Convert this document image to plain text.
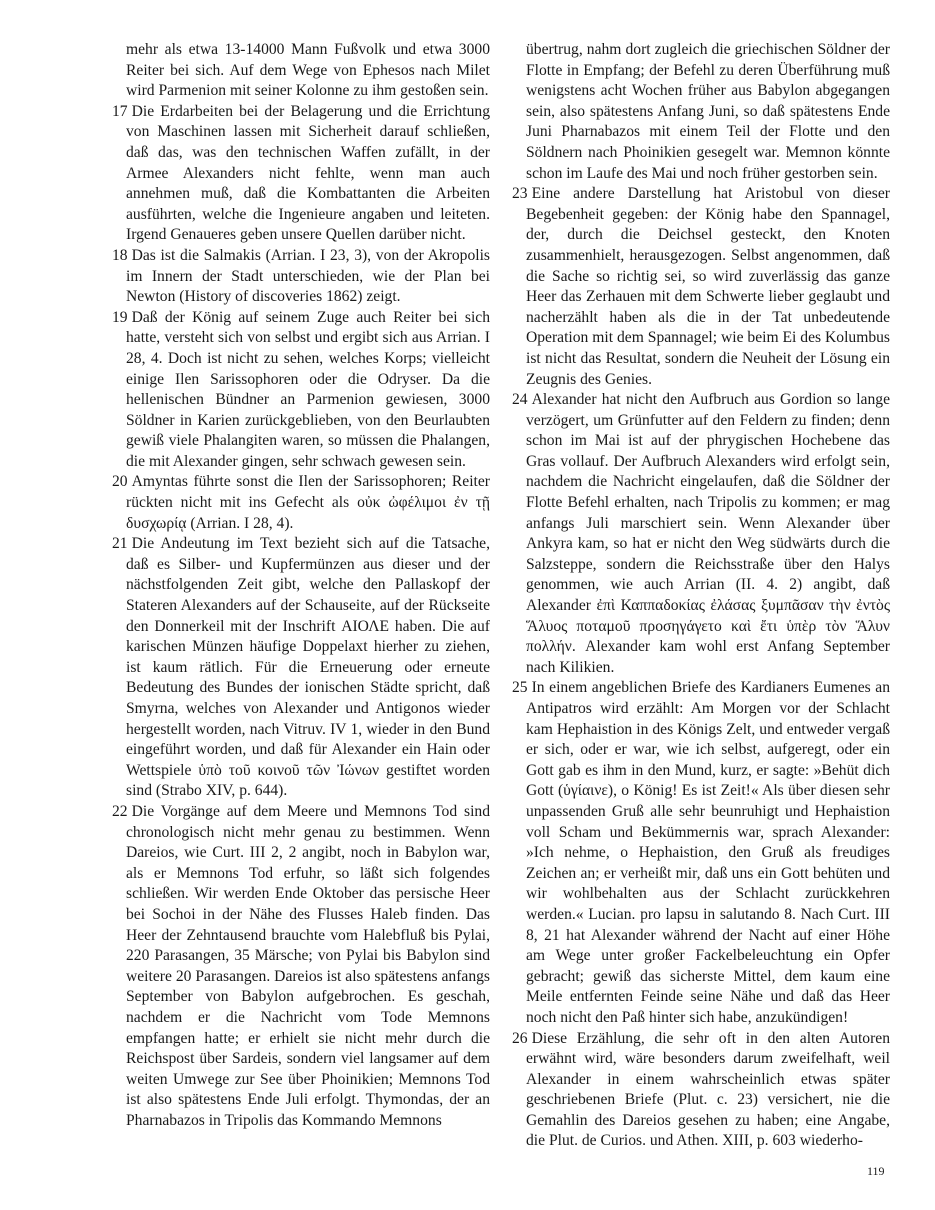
mehr als etwa 13-14000 Mann Fußvolk und etwa 3000 Reiter bei sich. Auf dem Wege von Ephesos nach Milet wird Parmenion mit seiner Kolonne zu ihm gestoßen sein.

17 Die Erdarbeiten bei der Belagerung und die Errichtung von Maschinen lassen mit Sicherheit darauf schließen, daß das, was den technischen Waffen zufällt, in der Armee Alexanders nicht fehlte, wenn man auch annehmen muß, daß die Kombattanten die Arbeiten ausführten, welche die Ingenieure angaben und leiteten. Irgend Genaueres geben unsere Quellen darüber nicht.

18 Das ist die Salmakis (Arrian. I 23, 3), von der Akropolis im Innern der Stadt unterschieden, wie der Plan bei Newton (History of discoveries 1862) zeigt.

19 Daß der König auf seinem Zuge auch Reiter bei sich hatte, versteht sich von selbst und ergibt sich aus Arrian. I 28, 4. Doch ist nicht zu sehen, welches Korps; vielleicht einige Ilen Sarissophoren oder die Odryser. Da die hellenischen Bündner an Parmenion gewiesen, 3000 Söldner in Karien zurückgeblieben, von den Beurlaubten gewiß viele Phalangiten waren, so müssen die Phalangen, die mit Alexander gingen, sehr schwach gewesen sein.

20 Amyntas führte sonst die Ilen der Sarissophoren; Reiter rückten nicht mit ins Gefecht als οὐκ ὠφέλιμοι ἐν τῇ δυσχωρίᾳ (Arrian. I 28, 4).

21 Die Andeutung im Text bezieht sich auf die Tatsache, daß es Silber- und Kupfermünzen aus dieser und der nächstfolgenden Zeit gibt, welche den Pallaskopf der Stateren Alexanders auf der Schauseite, auf der Rückseite den Donnerkeil mit der Inschrift ΑΙΟΛΕ haben. Die auf karischen Münzen häufige Doppelaxt hierher zu ziehen, ist kaum rätlich. Für die Erneuerung oder erneute Bedeutung des Bundes der ionischen Städte spricht, daß Smyrna, welches von Alexander und Antigonos wieder hergestellt worden, nach Vitruv. IV 1, wieder in den Bund eingeführt worden, und daß für Alexander ein Hain oder Wettspiele ὑπὸ τοῦ κοινοῦ τῶν Ἰώνων gestiftet worden sind (Strabo XIV, p. 644).

22 Die Vorgänge auf dem Meere und Memnons Tod sind chronologisch nicht mehr genau zu bestimmen. Wenn Dareios, wie Curt. III 2, 2 angibt, noch in Babylon war, als er Memnons Tod erfuhr, so läßt sich folgendes schließen. Wir werden Ende Oktober das persische Heer bei Sochoi in der Nähe des Flusses Haleb finden. Das Heer der Zehntausend brauchte vom Halebfluß bis Pylai, 220 Parasangen, 35 Märsche; von Pylai bis Babylon sind weitere 20 Parasangen. Dareios ist also spätestens anfangs September von Babylon aufgebrochen. Es geschah, nachdem er die Nachricht vom Tode Memnons empfangen hatte; er erhielt sie nicht mehr durch die Reichspost über Sardeis, sondern viel langsamer auf dem weiten Umwege zur See über Phoinikien; Memnons Tod ist also spätestens Ende Juli erfolgt. Thymondas, der an Pharnabazos in Tripolis das Kommando Memnons

übertrug, nahm dort zugleich die griechischen Söldner der Flotte in Empfang; der Befehl zu deren Überführung muß wenigstens acht Wochen früher aus Babylon abgegangen sein, also spätestens Anfang Juni, so daß spätestens Ende Juni Pharnabazos mit einem Teil der Flotte und den Söldnern nach Phoinikien gesegelt war. Memnon könnte schon im Laufe des Mai und noch früher gestorben sein.

23 Eine andere Darstellung hat Aristobul von dieser Begebenheit gegeben: der König habe den Spannagel, der, durch die Deichsel gesteckt, den Knoten zusammenhielt, herausgezogen. Selbst angenommen, daß die Sache so richtig sei, so wird zuverlässig das ganze Heer das Zerhauen mit dem Schwerte lieber geglaubt und nacherzählt haben als die in der Tat unbedeutende Operation mit dem Spannagel; wie beim Ei des Kolumbus ist nicht das Resultat, sondern die Neuheit der Lösung ein Zeugnis des Genies.

24 Alexander hat nicht den Aufbruch aus Gordion so lange verzögert, um Grünfutter auf den Feldern zu finden; denn schon im Mai ist auf der phrygischen Hochebene das Gras vollauf. Der Aufbruch Alexanders wird erfolgt sein, nachdem die Nachricht eingelaufen, daß die Söldner der Flotte Befehl erhalten, nach Tripolis zu kommen; er mag anfangs Juli marschiert sein. Wenn Alexander über Ankyra kam, so hat er nicht den Weg südwärts durch die Salzsteppe, sondern die Reichsstraße über den Halys genommen, wie auch Arrian (II. 4. 2) angibt, daß Alexander ἐπὶ Καππαδοκίας ἐλάσας ξυμπᾶσαν τὴν ἐντὸς Ἅλυος ποταμοῦ προσηγάγετο καὶ ἔτι ὑπὲρ τὸν Ἅλυν πολλήν. Alexander kam wohl erst Anfang September nach Kilikien.

25 In einem angeblichen Briefe des Kardianers Eumenes an Antipatros wird erzählt: Am Morgen vor der Schlacht kam Hephaistion in des Königs Zelt, und entweder vergaß er sich, oder er war, wie ich selbst, aufgeregt, oder ein Gott gab es ihm in den Mund, kurz, er sagte: »Behüt dich Gott (ὑγίαινε), o König! Es ist Zeit!« Als über diesen sehr unpassenden Gruß alle sehr beunruhigt und Hephaistion voll Scham und Bekümmernis war, sprach Alexander: »Ich nehme, o Hephaistion, den Gruß als freudiges Zeichen an; er verheißt mir, daß uns ein Gott behüten und wir wohlbehalten aus der Schlacht zurückkehren werden.« Lucian. pro lapsu in salutando 8. Nach Curt. III 8, 21 hat Alexander während der Nacht auf einer Höhe am Wege unter großer Fackelbeleuchtung ein Opfer gebracht; gewiß das sicherste Mittel, dem kaum eine Meile entfernten Feinde seine Nähe und daß das Heer noch nicht den Paß hinter sich habe, anzukündigen!

26 Diese Erzählung, die sehr oft in den alten Autoren erwähnt wird, wäre besonders darum zweifelhaft, weil Alexander in einem wahrscheinlich etwas später geschriebenen Briefe (Plut. c. 23) versichert, nie die Gemahlin des Dareios gesehen zu haben; eine Angabe, die Plut. de Curios. und Athen. XIII, p. 603 wiederho-

119
